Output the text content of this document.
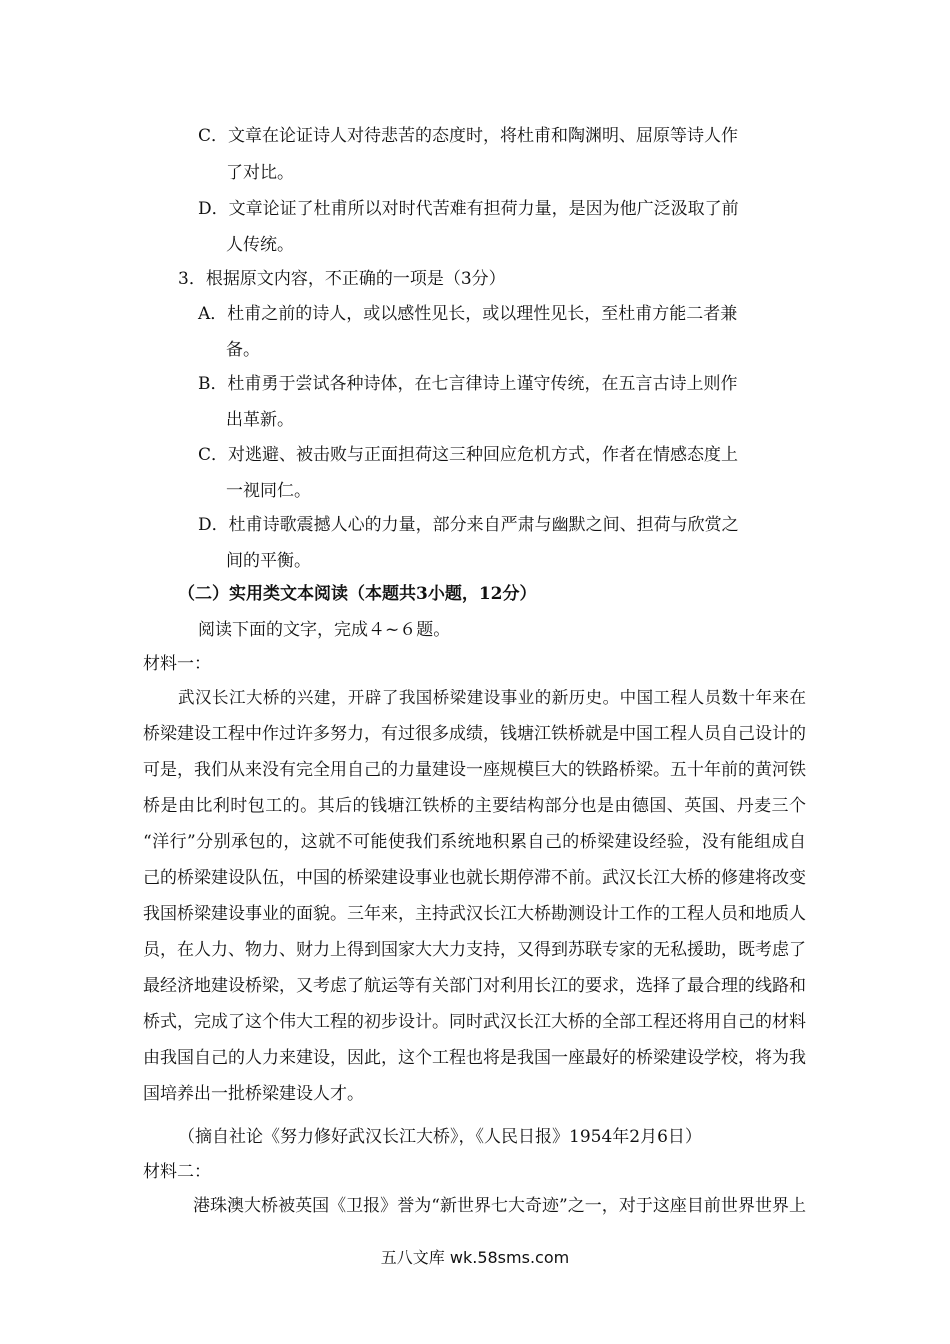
C．文章在论证诗人对待悲苦的态度时，将杜甫和陶渊明、屈原等诗人作
了对比。
D．文章论证了杜甫所以对时代苦难有担荷力量，是因为他广泛汲取了前
人传统。
3．根据原文内容，不正确的一项是（3分）
A．杜甫之前的诗人，或以感性见长，或以理性见长，至杜甫方能二者兼
备。
B．杜甫勇于尝试各种诗体，在七言律诗上谨守传统，在五言古诗上则作
出革新。
C．对逃避、被击败与正面担荷这三种回应危机方式，作者在情感态度上
一视同仁。
D．杜甫诗歌震撼人心的力量，部分来自严肃与幽默之间、担荷与欣赏之
间的平衡。
（二）实用类文本阅读（本题共3小题，12分）
阅读下面的文字，完成４~６题。
材料一：
武汉长江大桥的兴建，开辟了我国桥梁建设事业的新历史。中国工程人员数十年来在
桥梁建设工程中作过许多努力，有过很多成绩，钱塘江铁桥就是中国工程人员自己设计的
可是，我们从来没有完全用自己的力量建设一座规模巨大的铁路桥梁。五十年前的黄河铁
桥是由比利时包工的。其后的钱塘江铁桥的主要结构部分也是由德国、英国、丹麦三个
“洋行”分别承包的，这就不可能使我们系统地积累自己的桥梁建设经验，没有能组成自
己的桥梁建设队伍，中国的桥梁建设事业也就长期停滞不前。武汉长江大桥的修建将改变
我国桥梁建设事业的面貌。三年来，主持武汉长江大桥勘测设计工作的工程人员和地质人
员，在人力、物力、财力上得到国家大大力支持，又得到苏联专家的无私援助，既考虑了
最经济地建设桥梁，又考虑了航运等有关部门对利用长江的要求，选择了最合理的线路和
桥式，完成了这个伟大工程的初步设计。同时武汉长江大桥的全部工程还将用自己的材料
由我国自己的人力来建设，因此，这个工程也将是我国一座最好的桥梁建设学校，将为我
国培养出一批桥梁建设人才。
（摘自社论《努力修好武汉长江大桥》，《人民日报》1954年2月6日）
材料二：
港珠澳大桥被英国《卫报》誉为“新世界七大奇迹”之一，对于这座目前世界世界上
五八文库 wk.58sms.com
